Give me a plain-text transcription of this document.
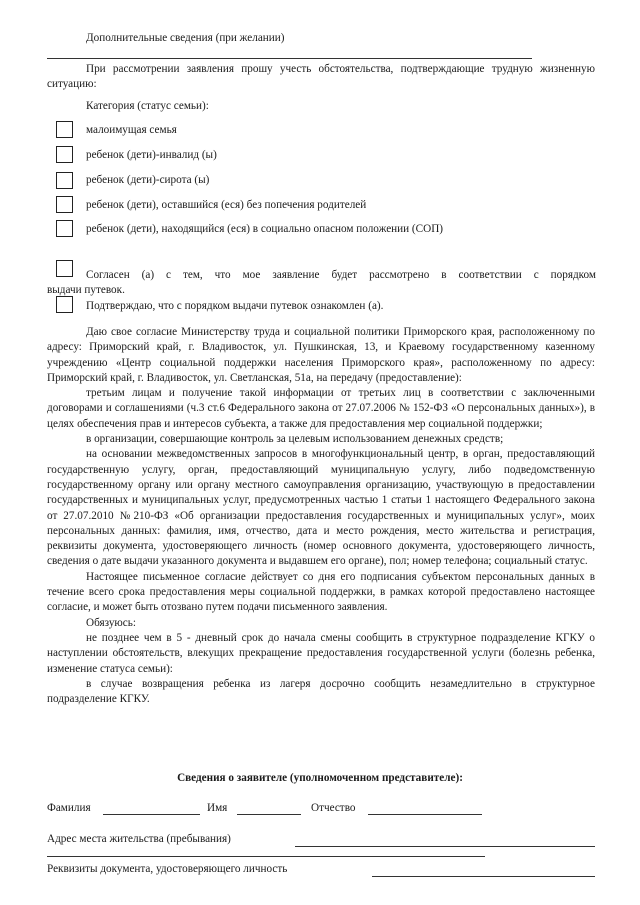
Дополнительные сведения (при желании)

При рассмотрении заявления прошу учесть обстоятельства, подтверждающие трудную жизненную ситуацию:

Категория (статус семьи):
малоимущая семья
ребенок (дети)-инвалид (ы)
ребенок (дети)-сирота (ы)
ребенок (дети), оставшийся (еся) без попечения родителей
ребенок (дети), находящийся (еся) в социально опасном положении (СОП)
Согласен (а) с тем, что мое заявление будет рассмотрено в соответствии с порядком
выдачи путевок.
Подтверждаю, что с порядком выдачи путевок ознакомлен (а).

Даю свое согласие Министерству труда и социальной политики Приморского края, расположенному по адресу: Приморский край, г. Владивосток, ул. Пушкинская, 13, и Краевому государственному казенному учреждению «Центр социальной поддержки населения Приморского края», расположенному по адресу: Приморский край, г. Владивосток, ул. Светланская, 51а, на передачу (предоставление):

третьим лицам и получение такой информации от третьих лиц в соответствии с заключенными договорами и соглашениями (ч.3 ст.6 Федерального закона от 27.07.2006 № 152-ФЗ «О персональных данных»), в целях обеспечения прав и интересов субъекта, а также для предоставления мер социальной поддержки;

в организации, совершающие контроль за целевым использованием денежных средств;

на основании межведомственных запросов в многофункциональный центр, в орган, предоставляющий государственную услугу, орган, предоставляющий муниципальную услугу, либо подведомственную государственному органу или органу местного самоуправления организацию, участвующую в предоставлении государственных и муниципальных услуг, предусмотренных частью 1 статьи 1 настоящего Федерального закона от 27.07.2010 №210-ФЗ «Об организации предоставления государственных и муниципальных услуг», моих персональных данных: фамилия, имя, отчество, дата и место рождения, место жительства и регистрация, реквизиты документа, удостоверяющего личность (номер основного документа, удостоверяющего личность, сведения о дате выдачи указанного документа и выдавшем его органе), пол; номер телефона; социальный статус.

Настоящее письменное согласие действует со дня его подписания субъектом персональных данных в течение всего срока предоставления меры социальной поддержки, в рамках которой предоставлено настоящее согласие, и может быть отозвано путем подачи письменного заявления.

Обязуюсь:

не позднее чем в 5 - дневный срок до начала смены сообщить в структурное подразделение КГКУ о наступлении обстоятельств, влекущих прекращение предоставления государственной услуги (болезнь ребенка, изменение статуса семьи):

в случае возвращения ребенка из лагеря досрочно сообщить незамедлительно в структурное подразделение КГКУ.

Сведения о заявителе (уполномоченном представителе):
Фамилия	Имя	Отчество
Адрес места жительства (пребывания)
Реквизиты документа, удостоверяющего личность
